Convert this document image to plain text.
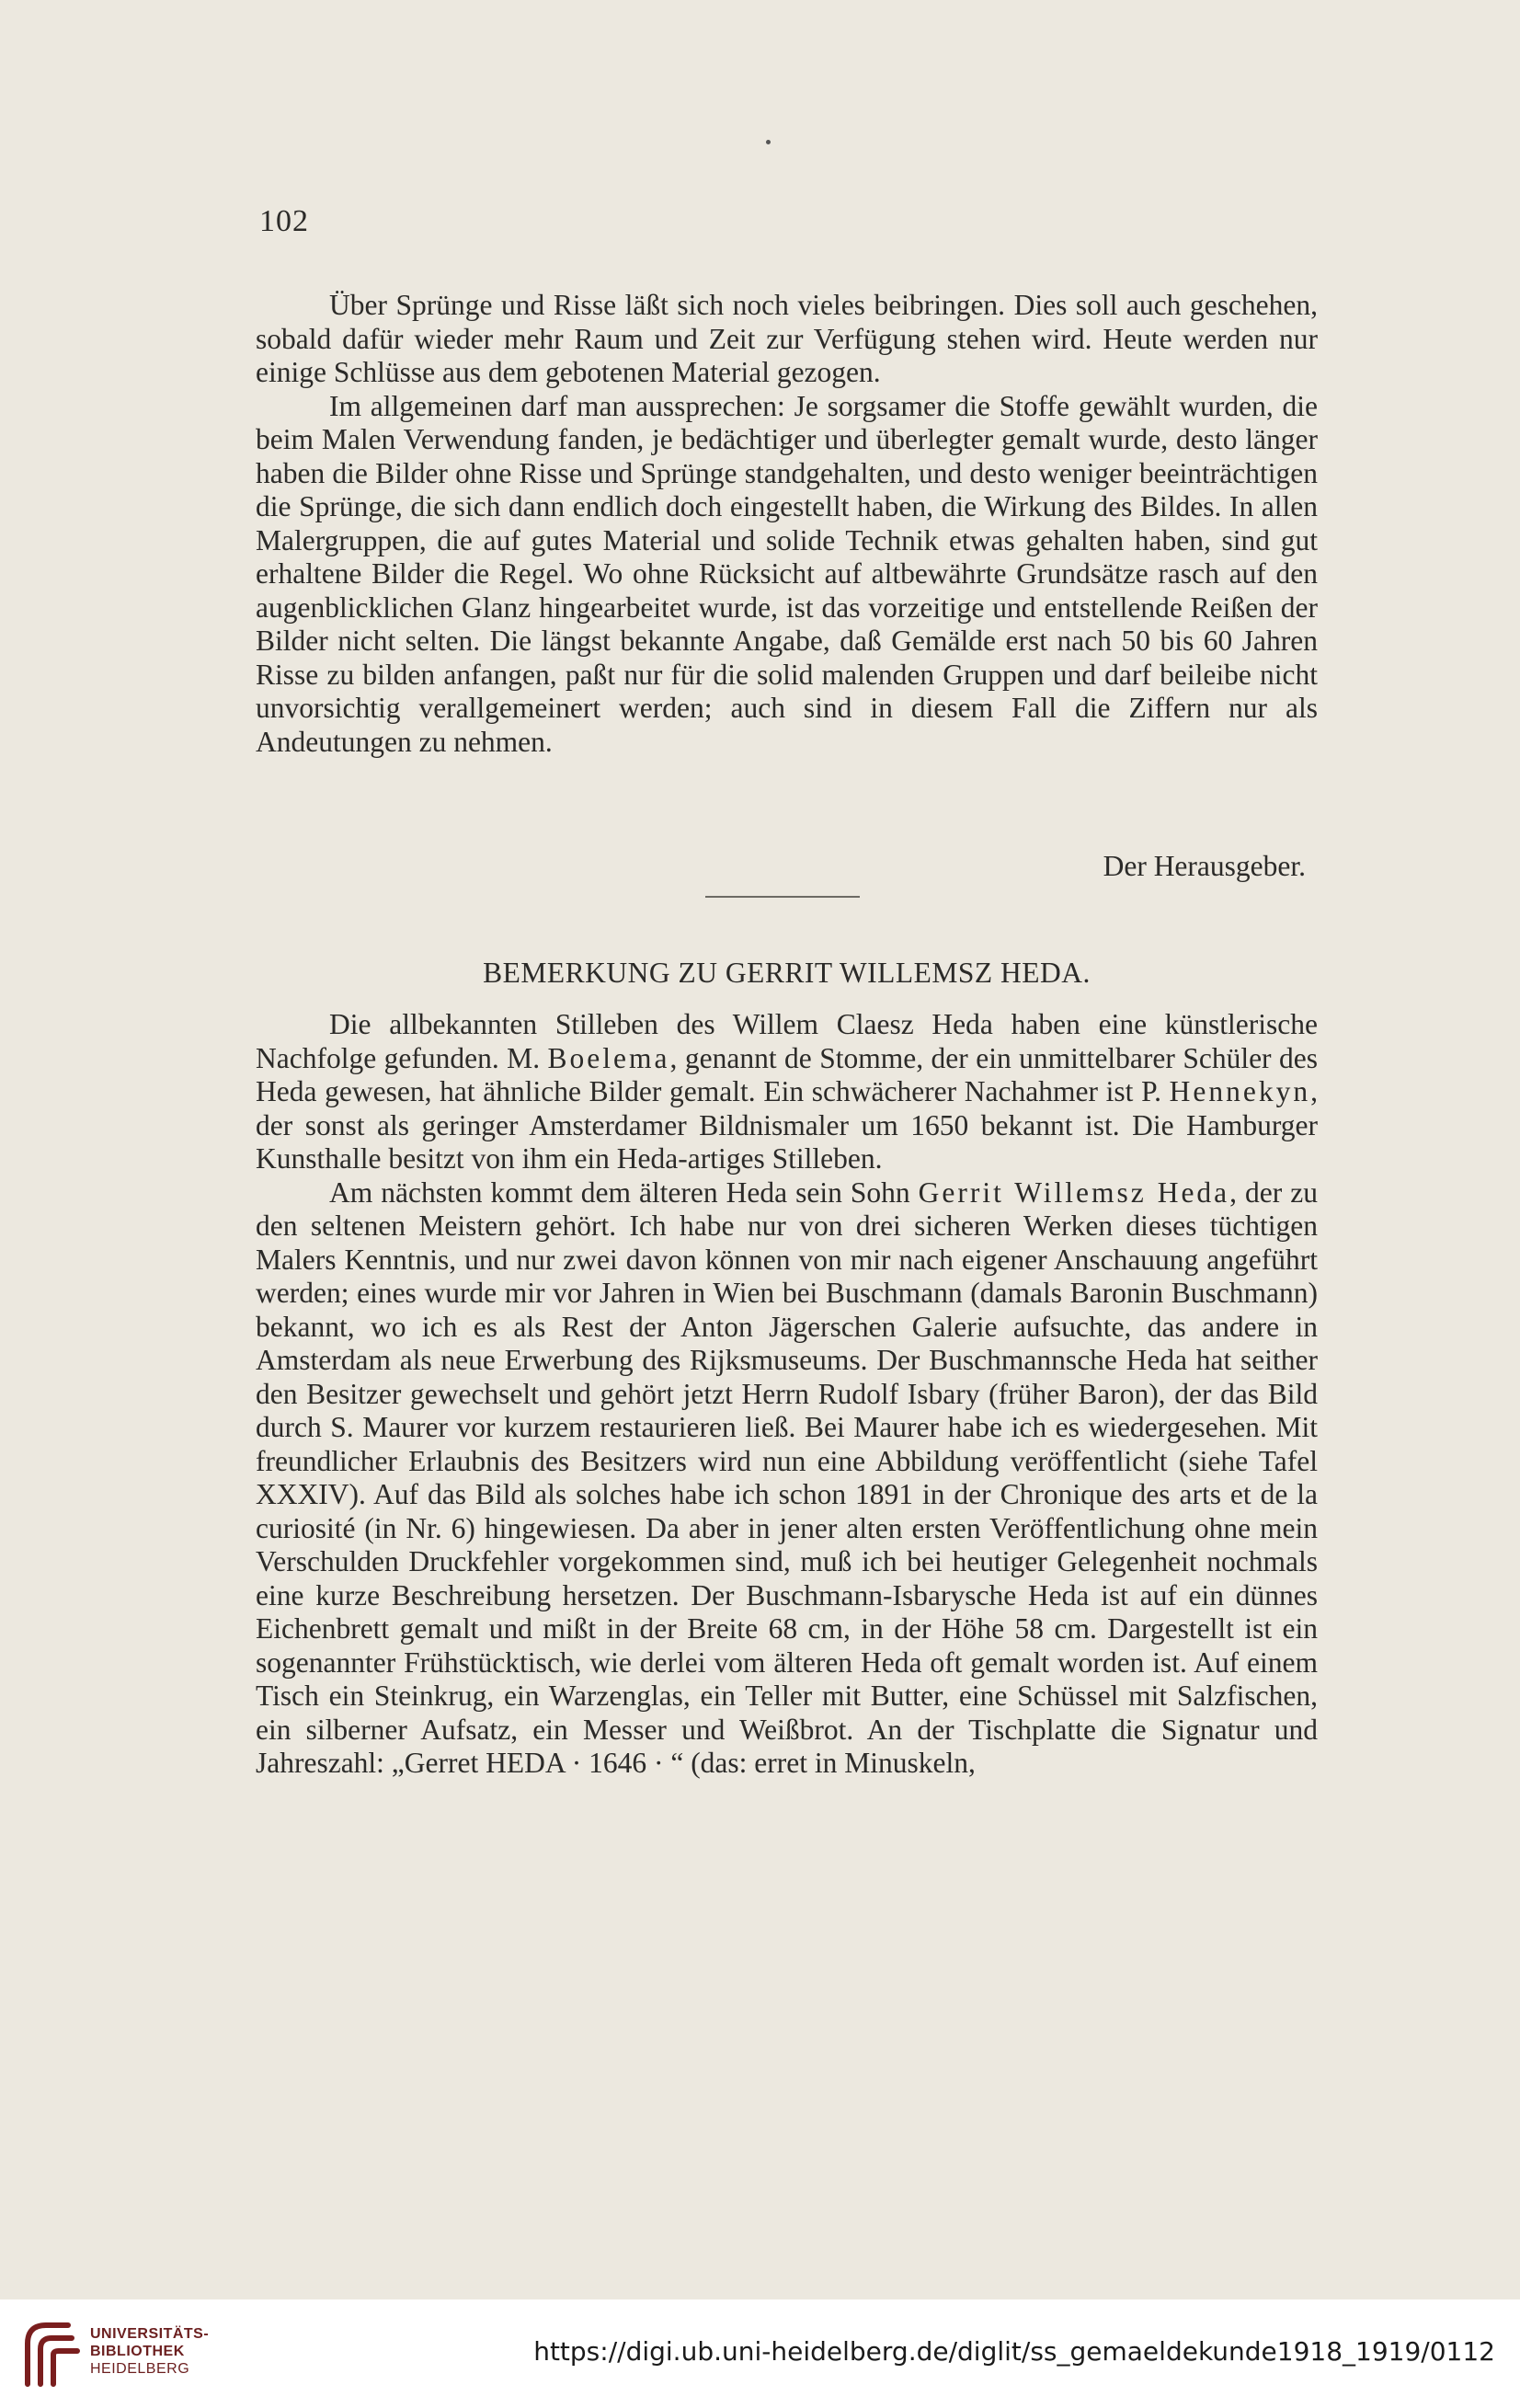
102

Über Sprünge und Risse läßt sich noch vieles beibringen. Dies soll auch geschehen, sobald dafür wieder mehr Raum und Zeit zur Verfügung stehen wird. Heute werden nur einige Schlüsse aus dem gebotenen Material gezogen.

Im allgemeinen darf man aussprechen: Je sorgsamer die Stoffe gewählt wurden, die beim Malen Verwendung fanden, je bedächtiger und überlegter gemalt wurde, desto länger haben die Bilder ohne Risse und Sprünge standgehalten, und desto weniger beeinträchtigen die Sprünge, die sich dann endlich doch eingestellt haben, die Wirkung des Bildes. In allen Malergruppen, die auf gutes Material und solide Technik etwas gehalten haben, sind gut erhaltene Bilder die Regel. Wo ohne Rücksicht auf altbewährte Grundsätze rasch auf den augenblicklichen Glanz hingearbeitet wurde, ist das vorzeitige und entstellende Reißen der Bilder nicht selten. Die längst bekannte Angabe, daß Gemälde erst nach 50 bis 60 Jahren Risse zu bilden anfangen, paßt nur für die solid malenden Gruppen und darf beileibe nicht unvorsichtig verallgemeinert werden; auch sind in diesem Fall die Ziffern nur als Andeutungen zu nehmen.

Der Herausgeber.
BEMERKUNG ZU GERRIT WILLEMSZ HEDA.

Die allbekannten Stilleben des Willem Claesz Heda haben eine künstlerische Nachfolge gefunden. M. Boelema, genannt de Stomme, der ein unmittelbarer Schüler des Heda gewesen, hat ähnliche Bilder gemalt. Ein schwächerer Nachahmer ist P. Hennekyn, der sonst als geringer Amsterdamer Bildnismaler um 1650 bekannt ist. Die Hamburger Kunsthalle besitzt von ihm ein Heda-artiges Stilleben.

Am nächsten kommt dem älteren Heda sein Sohn Gerrit Willemsz Heda, der zu den seltenen Meistern gehört. Ich habe nur von drei sicheren Werken dieses tüchtigen Malers Kenntnis, und nur zwei davon können von mir nach eigener Anschauung angeführt werden; eines wurde mir vor Jahren in Wien bei Buschmann (damals Baronin Buschmann) bekannt, wo ich es als Rest der Anton Jägerschen Galerie aufsuchte, das andere in Amsterdam als neue Erwerbung des Rijksmuseums. Der Buschmannsche Heda hat seither den Besitzer gewechselt und gehört jetzt Herrn Rudolf Isbary (früher Baron), der das Bild durch S. Maurer vor kurzem restaurieren ließ. Bei Maurer habe ich es wiedergesehen. Mit freundlicher Erlaubnis des Besitzers wird nun eine Abbildung veröffentlicht (siehe Tafel XXXIV). Auf das Bild als solches habe ich schon 1891 in der Chronique des arts et de la curiosité (in Nr. 6) hingewiesen. Da aber in jener alten ersten Veröffentlichung ohne mein Verschulden Druckfehler vorgekommen sind, muß ich bei heutiger Gelegenheit nochmals eine kurze Beschreibung hersetzen. Der Buschmann-Isbarysche Heda ist auf ein dünnes Eichenbrett gemalt und mißt in der Breite 68 cm, in der Höhe 58 cm. Dargestellt ist ein sogenannter Frühstücktisch, wie derlei vom älteren Heda oft gemalt worden ist. Auf einem Tisch ein Steinkrug, ein Warzenglas, ein Teller mit Butter, eine Schüssel mit Salzfischen, ein silberner Aufsatz, ein Messer und Weißbrot. An der Tischplatte die Signatur und Jahreszahl: „Gerret HEDA · 1646 · “ (das: erret in Minuskeln,

UNIVERSITÄTS-
BIBLIOTHEK
HEIDELBERG
https://digi.ub.uni-heidelberg.de/diglit/ss_gemaeldekunde1918_1919/0112
